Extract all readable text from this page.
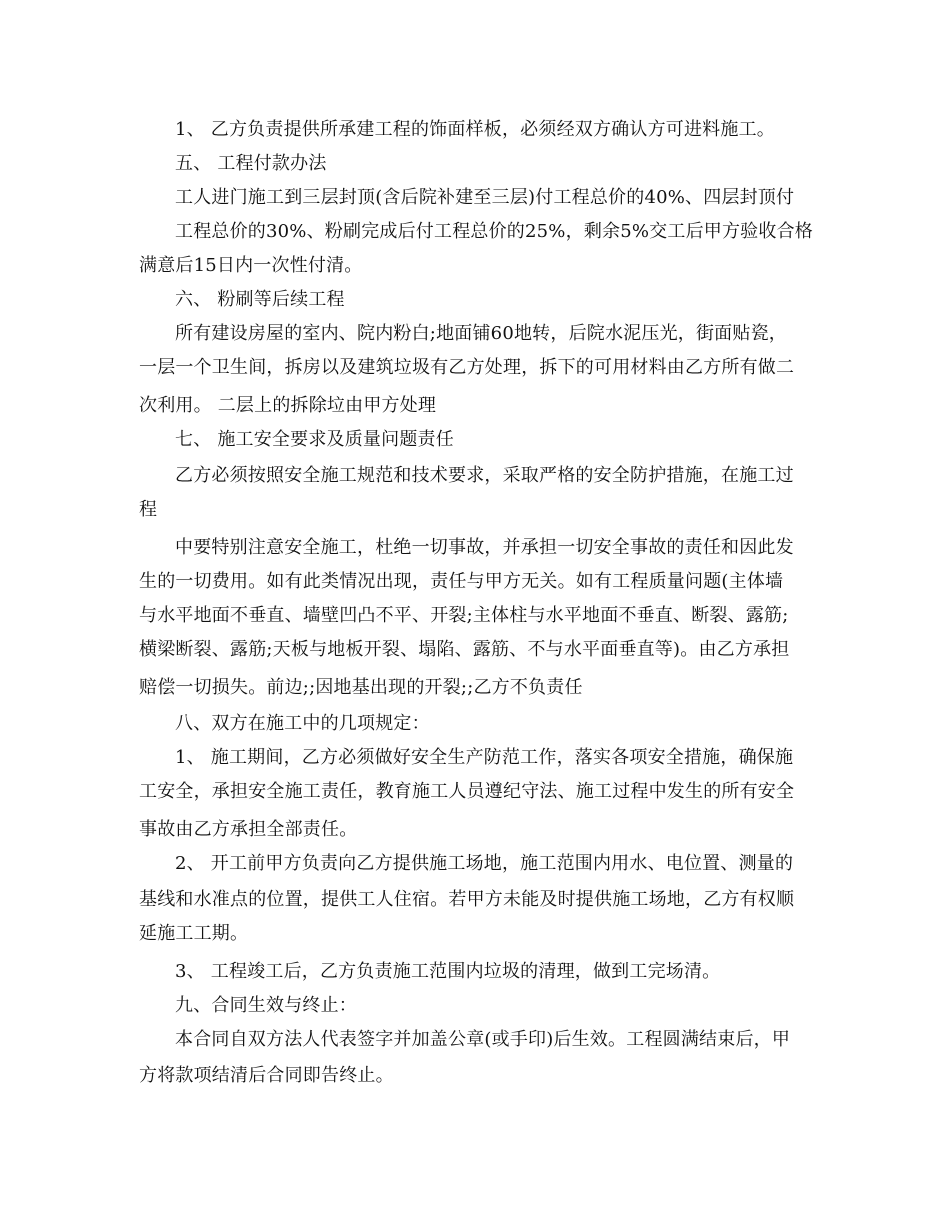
1、 乙方负责提供所承建工程的饰面样板，必须经双方确认方可进料施工。
五、 工程付款办法
工人进门施工到三层封顶(含后院补建至三层)付工程总价的40%、四层封顶付
工程总价的30%、粉刷完成后付工程总价的25%，剩余5%交工后甲方验收合格
满意后15日内一次性付清。
六、 粉刷等后续工程
所有建设房屋的室内、院内粉白;地面铺60地转，后院水泥压光，街面贴瓷，
一层一个卫生间，拆房以及建筑垃圾有乙方处理，拆下的可用材料由乙方所有做二
次利用。 二层上的拆除垃由甲方处理
七、 施工安全要求及质量问题责任
乙方必须按照安全施工规范和技术要求，采取严格的安全防护措施，在施工过
程
中要特别注意安全施工，杜绝一切事故，并承担一切安全事故的责任和因此发
生的一切费用。如有此类情况出现，责任与甲方无关。如有工程质量问题(主体墙
与水平地面不垂直、墙壁凹凸不平、开裂;主体柱与水平地面不垂直、断裂、露筋;
横梁断裂、露筋;天板与地板开裂、塌陷、露筋、不与水平面垂直等)。由乙方承担
赔偿一切损失。前边;;因地基出现的开裂;;乙方不负责任
八、双方在施工中的几项规定：
1、 施工期间，乙方必须做好安全生产防范工作，落实各项安全措施，确保施
工安全，承担安全施工责任，教育施工人员遵纪守法、施工过程中发生的所有安全
事故由乙方承担全部责任。
2、 开工前甲方负责向乙方提供施工场地，施工范围内用水、电位置、测量的
基线和水准点的位置，提供工人住宿。若甲方未能及时提供施工场地，乙方有权顺
延施工工期。
3、 工程竣工后，乙方负责施工范围内垃圾的清理，做到工完场清。
九、合同生效与终止：
本合同自双方法人代表签字并加盖公章(或手印)后生效。工程圆满结束后，甲
方将款项结清后合同即告终止。
